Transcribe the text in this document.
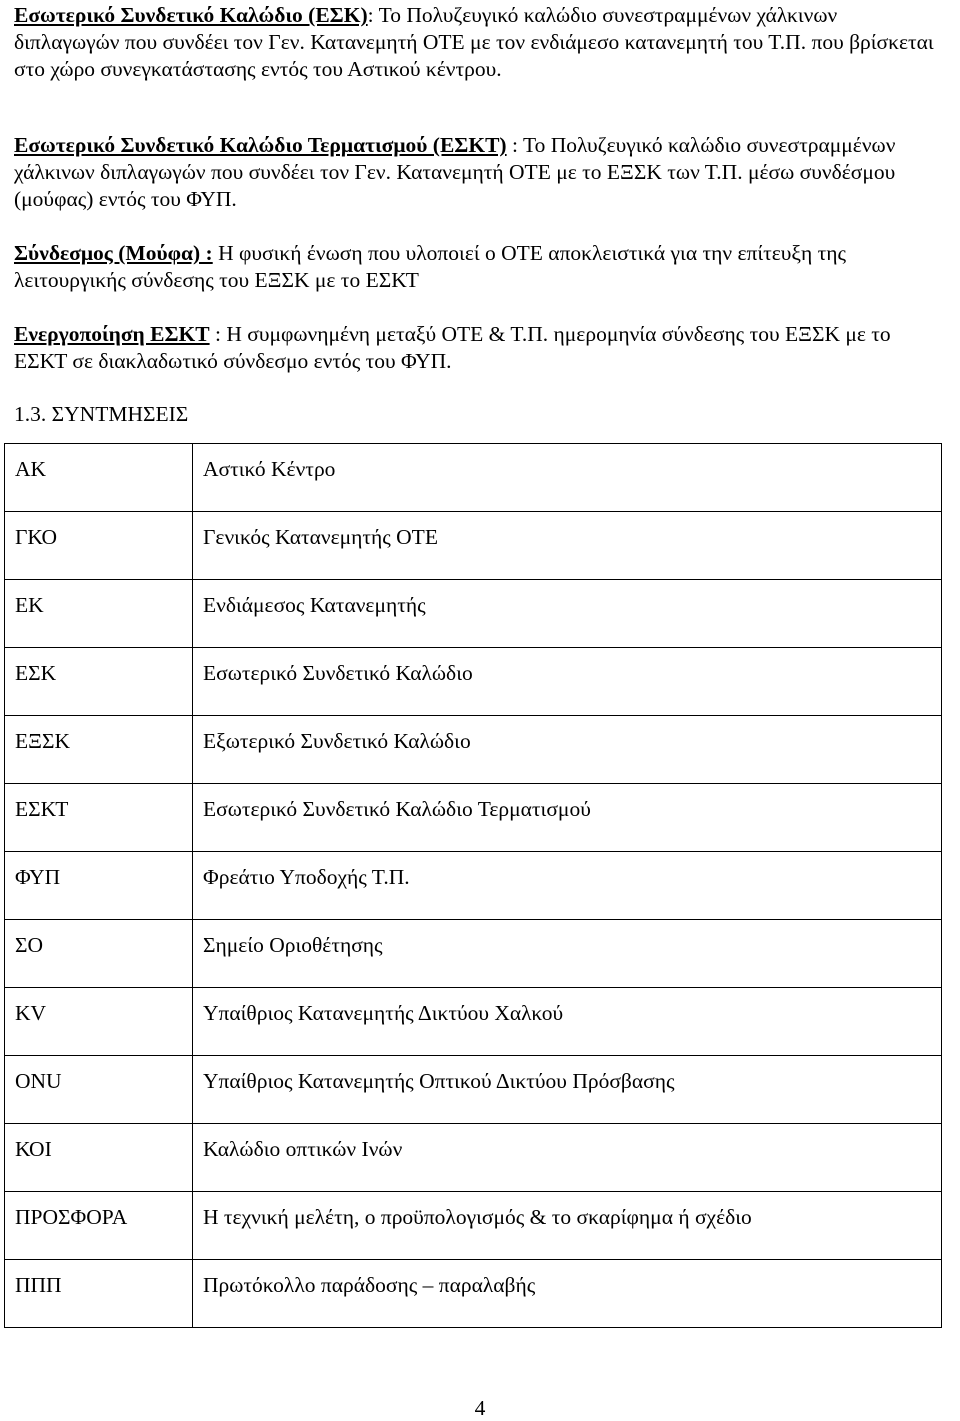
Εσωτερικό Συνδετικό Καλώδιο (ΕΣΚ): Το Πολυζευγικό καλώδιο συνεστραμμένων χάλκινων διπλαγωγών που συνδέει τον Γεν. Κατανεμητή ΟΤΕ με τον ενδιάμεσο κατανεμητή του Τ.Π. που βρίσκεται στο χώρο συνεγκατάστασης εντός του Αστικού κέντρου.

Εσωτερικό Συνδετικό Καλώδιο Τερματισμού (ΕΣΚΤ) : Το Πολυζευγικό καλώδιο συνεστραμμένων χάλκινων διπλαγωγών που συνδέει τον Γεν. Κατανεμητή ΟΤΕ με το ΕΞΣΚ των Τ.Π. μέσω συνδέσμου (μούφας) εντός του ΦΥΠ.

Σύνδεσμος (Μούφα) : Η φυσική ένωση που υλοποιεί ο ΟΤΕ αποκλειστικά για την επίτευξη της λειτουργικής σύνδεσης του ΕΞΣΚ με το ΕΣΚΤ

Ενεργοποίηση ΕΣΚΤ : Η συμφωνημένη μεταξύ ΟΤΕ & Τ.Π. ημερομηνία σύνδεσης του ΕΞΣΚ με το ΕΣΚΤ σε διακλαδωτικό σύνδεσμο εντός του ΦΥΠ.

1.3. ΣΥΝΤΜΗΣΕΙΣ
ΑΚ	Αστικό Κέντρο

ΓΚΟ	Γενικός Κατανεμητής ΟΤΕ

ΕΚ	Ενδιάμεσος Κατανεμητής

ΕΣΚ	Εσωτερικό Συνδετικό Καλώδιο

ΕΞΣΚ	Εξωτερικό Συνδετικό Καλώδιο

ΕΣΚΤ	Εσωτερικό Συνδετικό Καλώδιο Τερματισμού

ΦΥΠ	Φρεάτιο Υποδοχής Τ.Π.

ΣΟ	Σημείο Οριοθέτησης

KV	Υπαίθριος Κατανεμητής Δικτύου Χαλκού

ONU	Υπαίθριος Κατανεμητής Οπτικού Δικτύου Πρόσβασης

ΚΟΙ	Καλώδιο οπτικών Ινών

ΠΡΟΣΦΟΡΑ	Η τεχνική μελέτη, ο προϋπολογισμός & το σκαρίφημα ή σχέδιο

ΠΠΠ	Πρωτόκολλο παράδοσης – παραλαβής
4
